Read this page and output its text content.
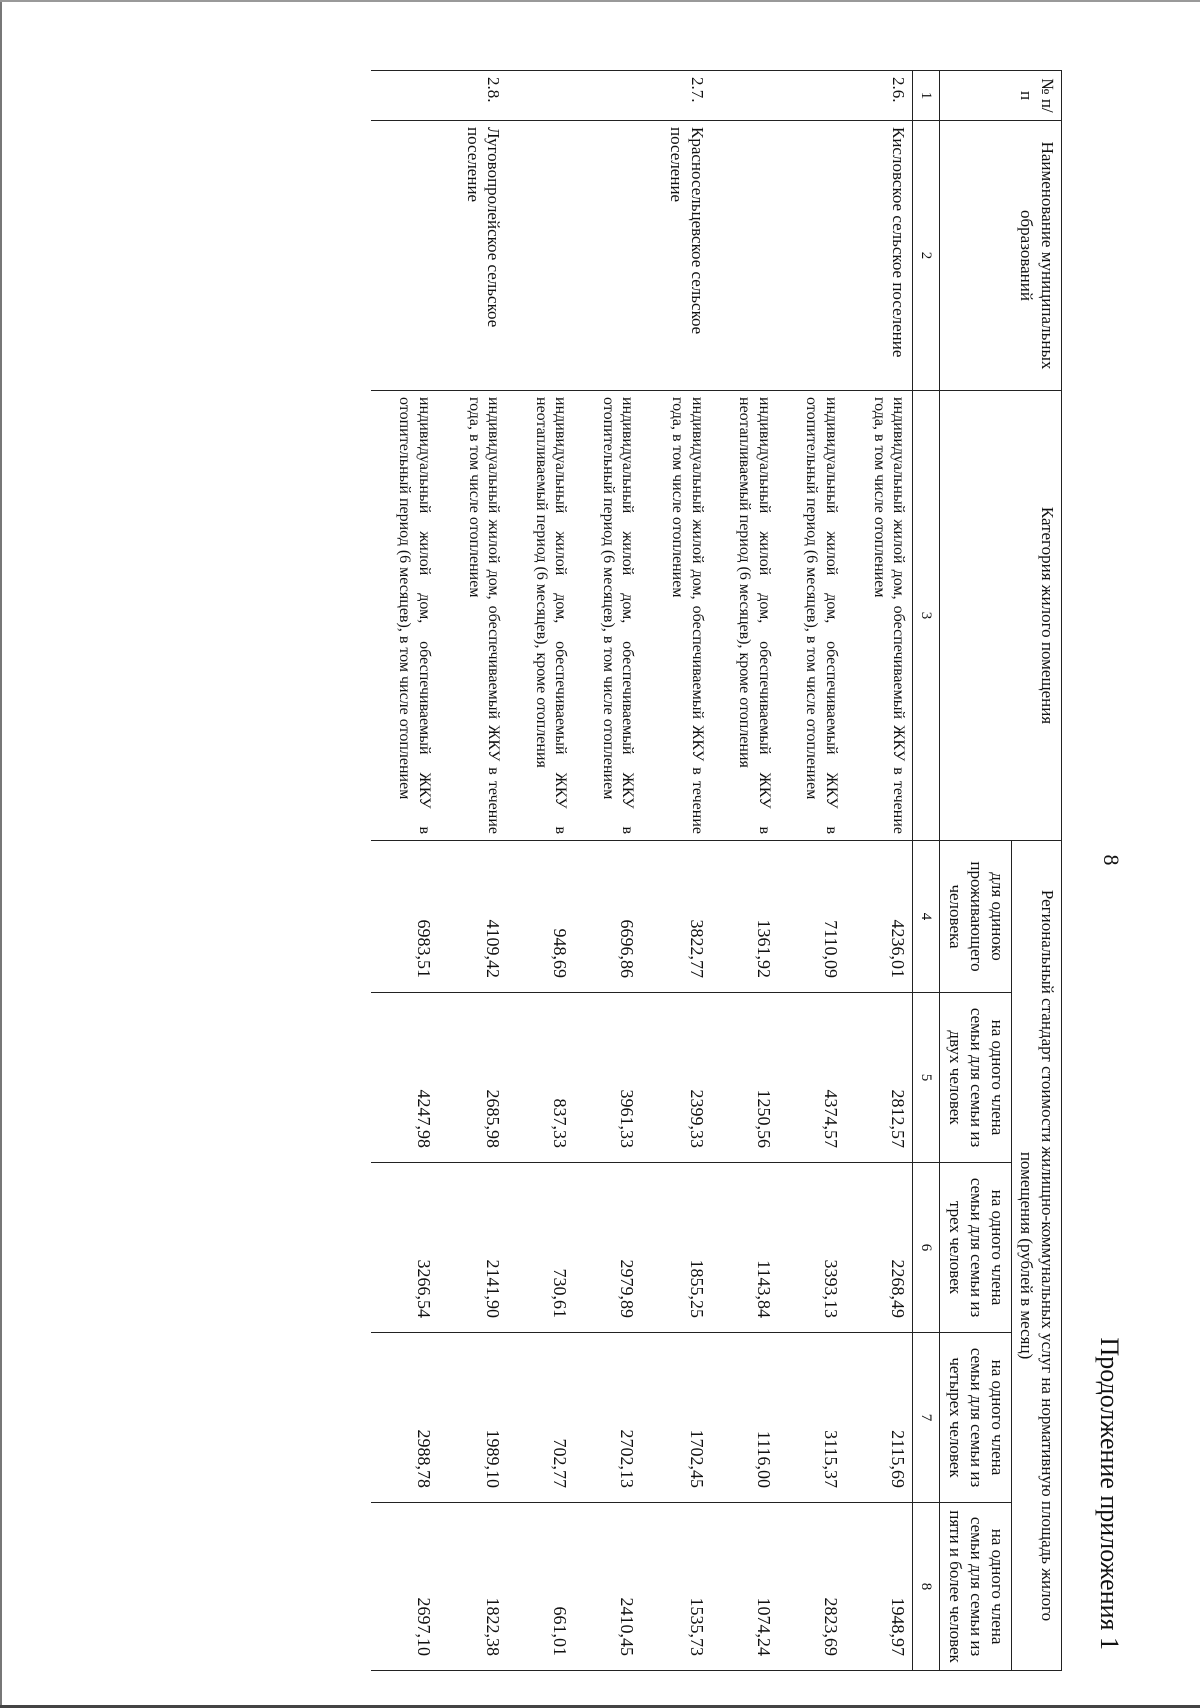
8
Продолжение приложения 1
№ п/п	Наименование муниципальных образований	Категория жилого помещения	Региональный стандарт стоимости жилищно-коммунальных услуг на нормативную площадь жилого помещения (рублей в месяц)				
			для одиноко проживающего человека	на одного члена семьи для семьи из двух человек	на одного члена семьи для семьи из трех человек	на одного члена семьи для семьи из четырех человек	на одного члена семьи для семьи из пяти и более человек
1	2	3	4	5	6	7	8
2.6.	Кисловское сельское поселение	индивидуальный жилой дом, обеспечиваемый ЖКУ в течение года, в том числе отоплением	4236,01	2812,57	2268,49	2115,69	1948,97
		индивидуальный жилой дом, обеспечиваемый ЖКУ в отопительный период (6 месяцев), в том числе отоплением	7110,09	4374,57	3393,13	3115,37	2823,69
		индивидуальный жилой дом, обеспечиваемый ЖКУ в неотапливаемый период (6 месяцев), кроме отопления	1361,92	1250,56	1143,84	1116,00	1074,24
2.7.	Красносельцевское сельское поселение	индивидуальный жилой дом, обеспечиваемый ЖКУ в течение года, в том числе отоплением	3822,77	2399,33	1855,25	1702,45	1535,73
		индивидуальный жилой дом, обеспечиваемый ЖКУ в отопительный период (6 месяцев), в том числе отоплением	6696,86	3961,33	2979,89	2702,13	2410,45
		индивидуальный жилой дом, обеспечиваемый ЖКУ в неотапливаемый период (6 месяцев), кроме отопления	948,69	837,33	730,61	702,77	661,01
2.8.	Луговопролейское сельское поселение	индивидуальный жилой дом, обеспечиваемый ЖКУ в течение года, в том числе отоплением	4109,42	2685,98	2141,90	1989,10	1822,38
		индивидуальный жилой дом, обеспечиваемый ЖКУ в отопительный период (6 месяцев), в том числе отоплением	6983,51	4247,98	3266,54	2988,78	2697,10
